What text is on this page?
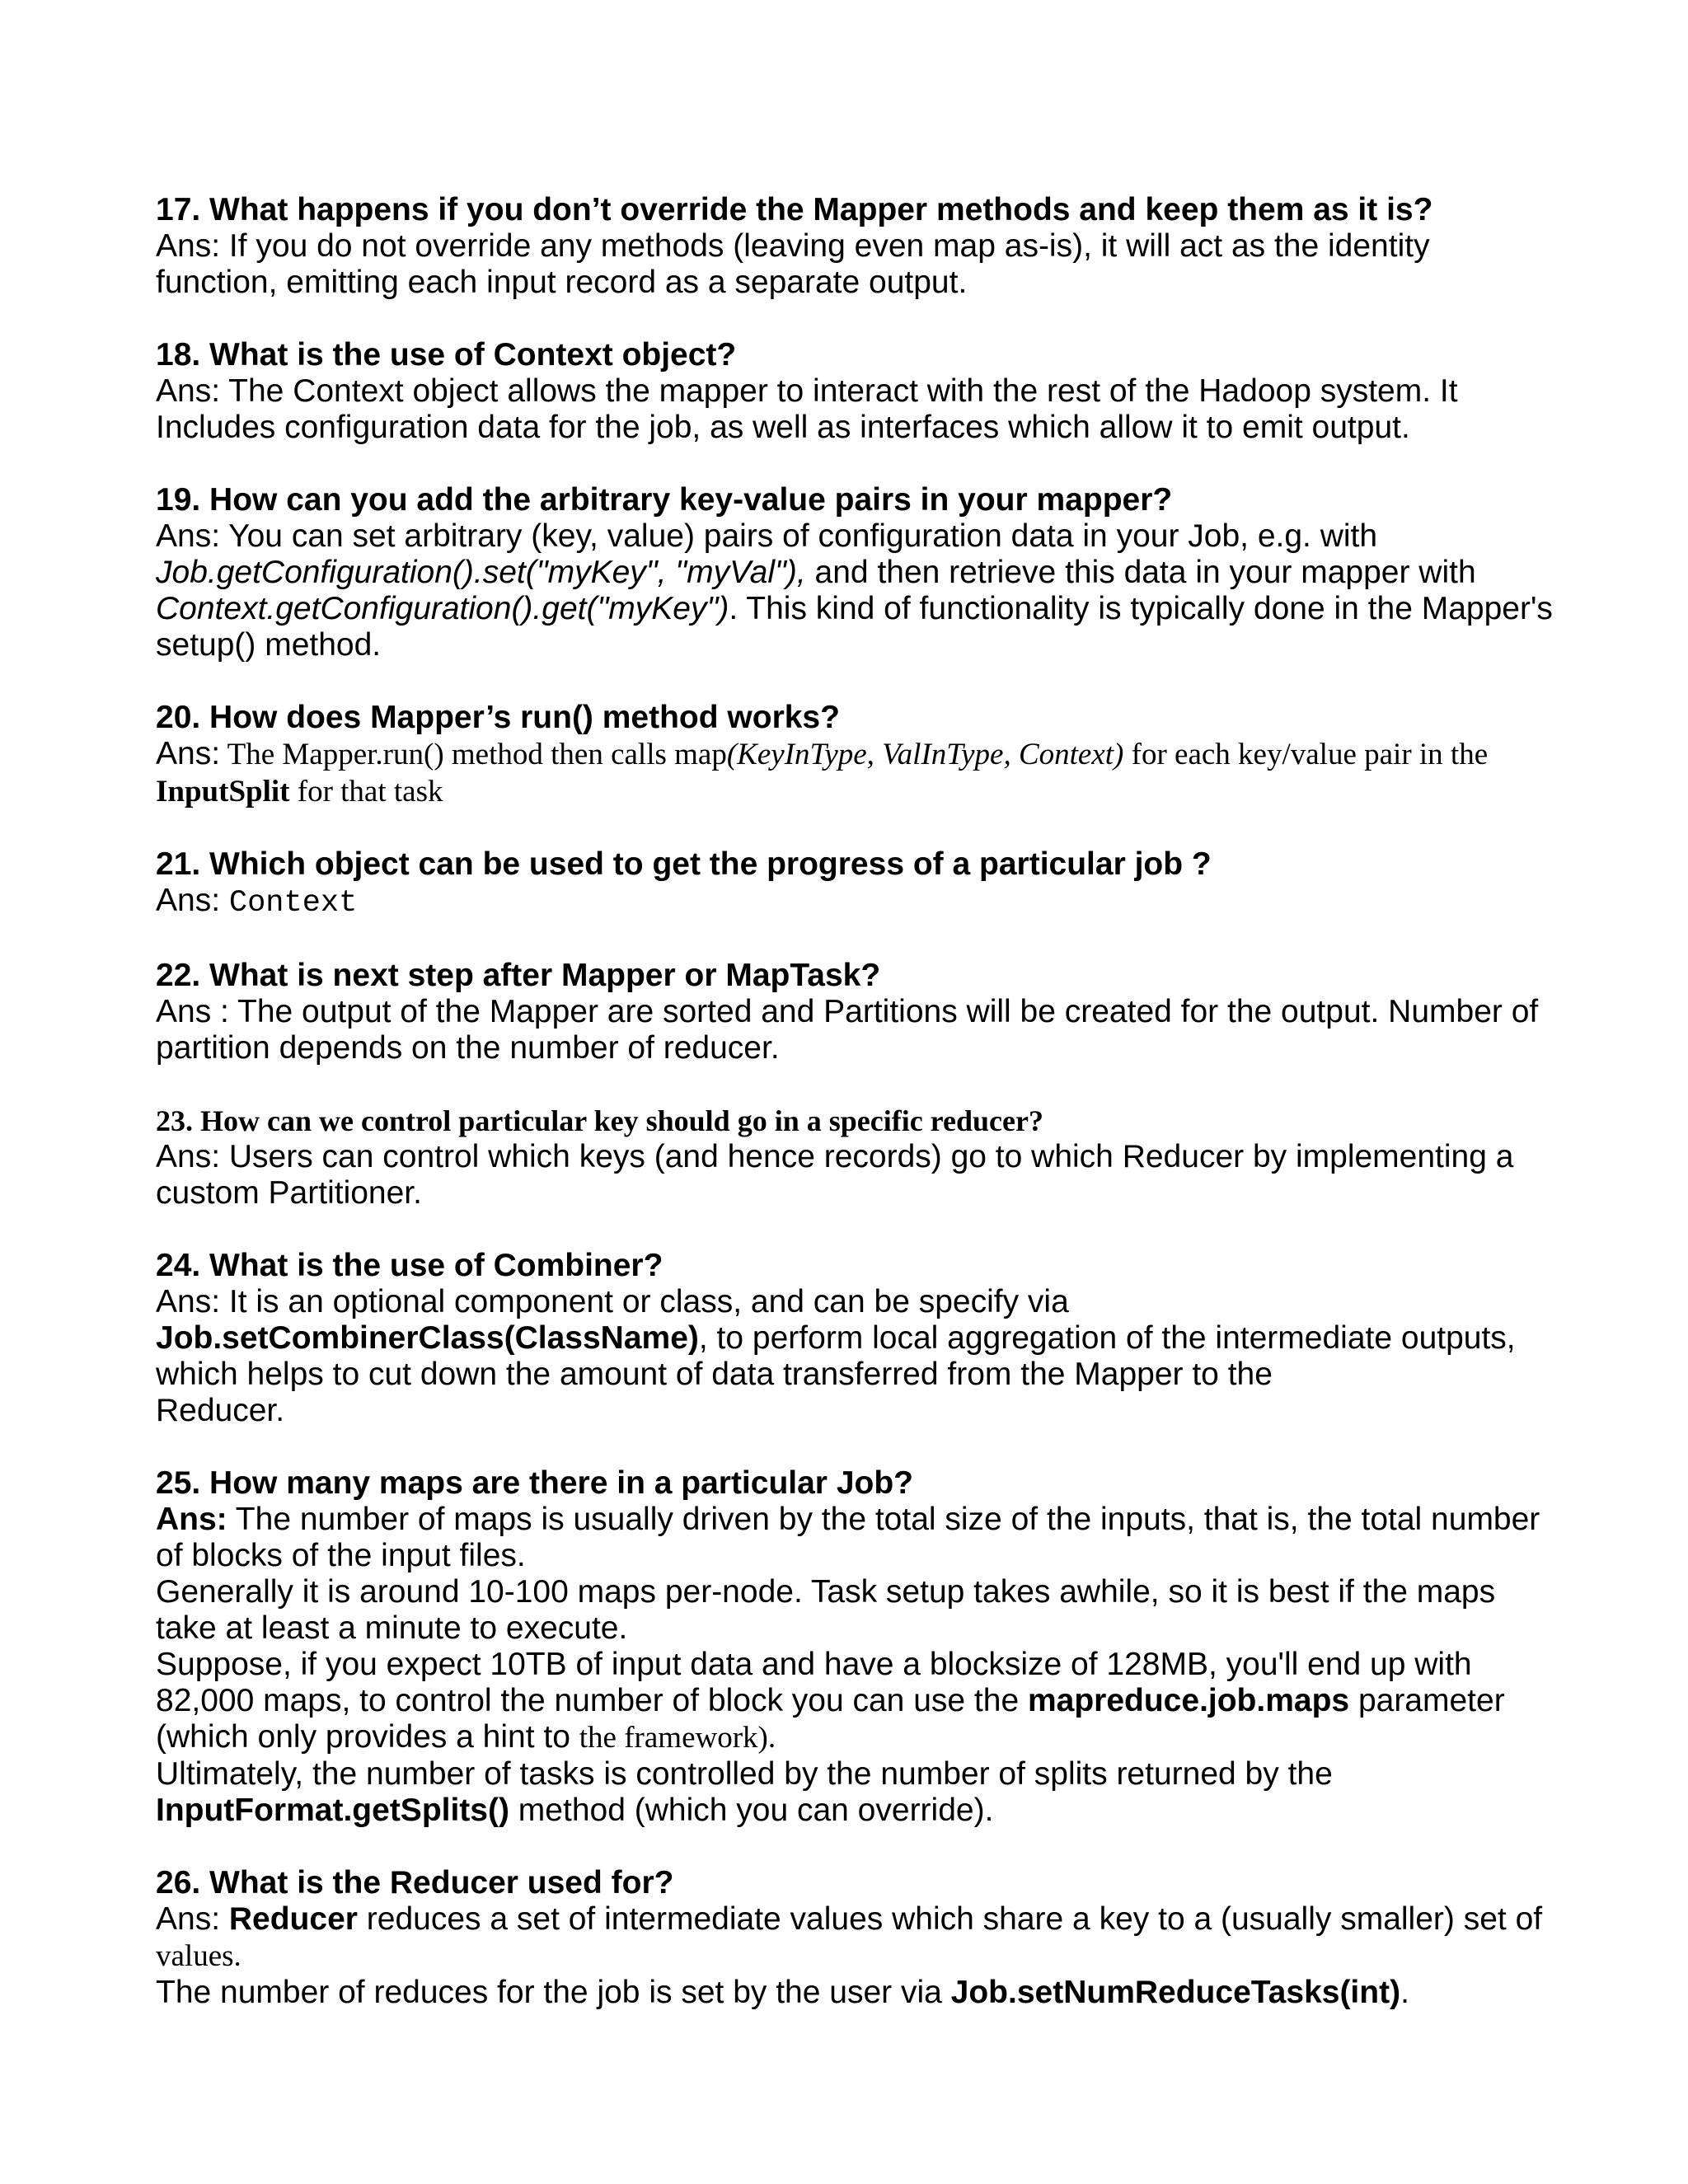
17. What happens if you don’t override the Mapper methods and keep them as it is?

Ans: If you do not override any methods (leaving even map as-is), it will act as the identity function, emitting each input record as a separate output.

18. What is the use of Context object?

Ans: The Context object allows the mapper to interact with the rest of the Hadoop system. It Includes configuration data for the job, as well as interfaces which allow it to emit output.

19. How can you add the arbitrary key-value pairs in your mapper?

Ans: You can set arbitrary (key, value) pairs of configuration data in your Job, e.g. with
Job.getConfiguration().set("myKey", "myVal"), and then retrieve this data in your mapper with
Context.getConfiguration().get("myKey"). This kind of functionality is typically done in the Mapper's setup() method.

20. How does Mapper’s run() method works?

Ans: The Mapper.run() method then calls map(KeyInType, ValInType, Context) for each key/value pair in the InputSplit for that task

21. Which object can be used to get the progress of a particular job ?

Ans: Context

22. What is next step after Mapper or MapTask?

Ans : The output of the Mapper are sorted and Partitions will be created for the output. Number of partition depends on the number of reducer.

23. How can we control particular key should go in a specific reducer?

Ans: Users can control which keys (and hence records) go to which Reducer by implementing a custom Partitioner.

24. What is the use of Combiner?

Ans: It is an optional component or class, and can be specify via
Job.setCombinerClass(ClassName), to perform local aggregation of the intermediate outputs, which helps to cut down the amount of data transferred from the Mapper to the
Reducer.

25. How many maps are there in a particular Job?

Ans: The number of maps is usually driven by the total size of the inputs, that is, the total number of blocks of the input files.

Generally it is around 10-100 maps per-node. Task setup takes awhile, so it is best if the maps take at least a minute to execute.

Suppose, if you expect 10TB of input data and have a blocksize of 128MB, you'll end up with 82,000 maps, to control the number of block you can use the mapreduce.job.maps parameter (which only provides a hint to the framework).

Ultimately, the number of tasks is controlled by the number of splits returned by the
InputFormat.getSplits() method (which you can override).

26. What is the Reducer used for?

Ans: Reducer reduces a set of intermediate values which share a key to a (usually smaller) set of values.

The number of reduces for the job is set by the user via Job.setNumReduceTasks(int).
